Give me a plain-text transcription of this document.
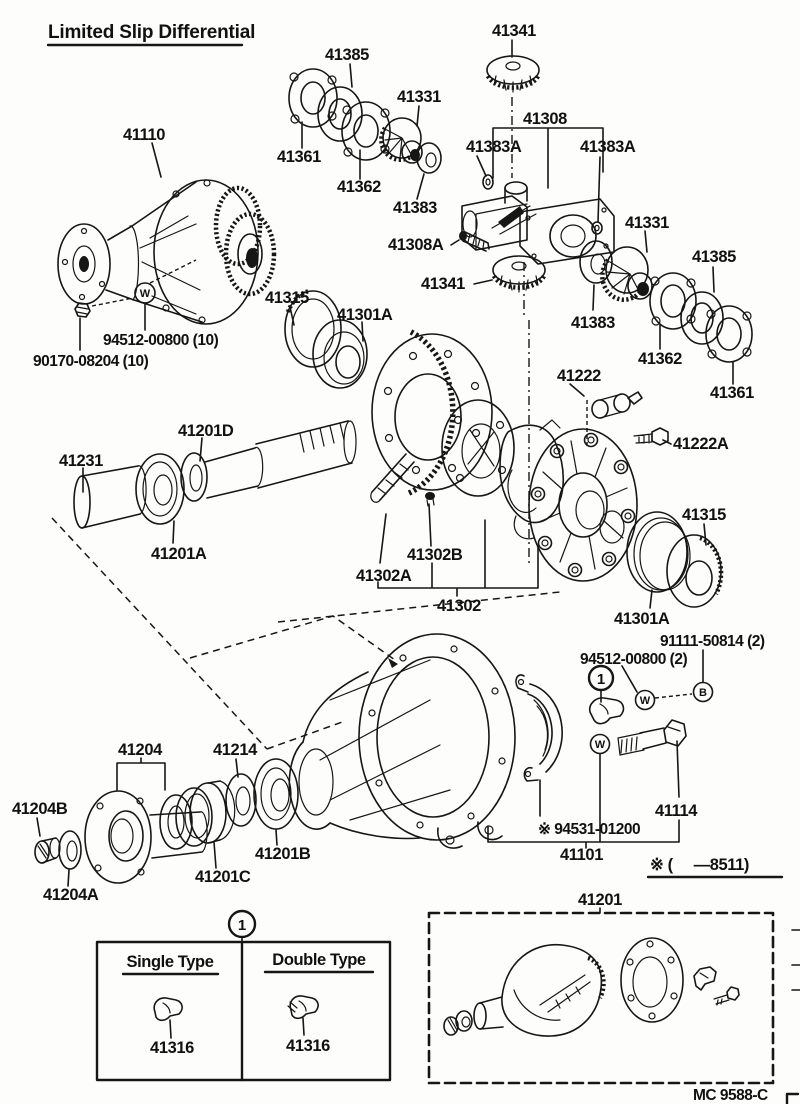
Limited Slip Differential
W
1
W
W
B
41341
41385
41331
41110
41361
41362
41383
41308
41383A	41383A
41308A
41341
41331
41385
41383
41362
41361
41315
41301A
94512-00800 (10)
90170-08204 (10)
41222
41222A
41201D
41231
41201A	41302B
41302A
41302
41315
41301A
91111-50814 (2)
94512-00800 (2)
41204	41214
41204B
41201B
41201C
41204A
41114
※ 94531-01200
41101
※ (     —8511)
1
Single Type	Double Type
41316	41316
41201
MC 9588-C
